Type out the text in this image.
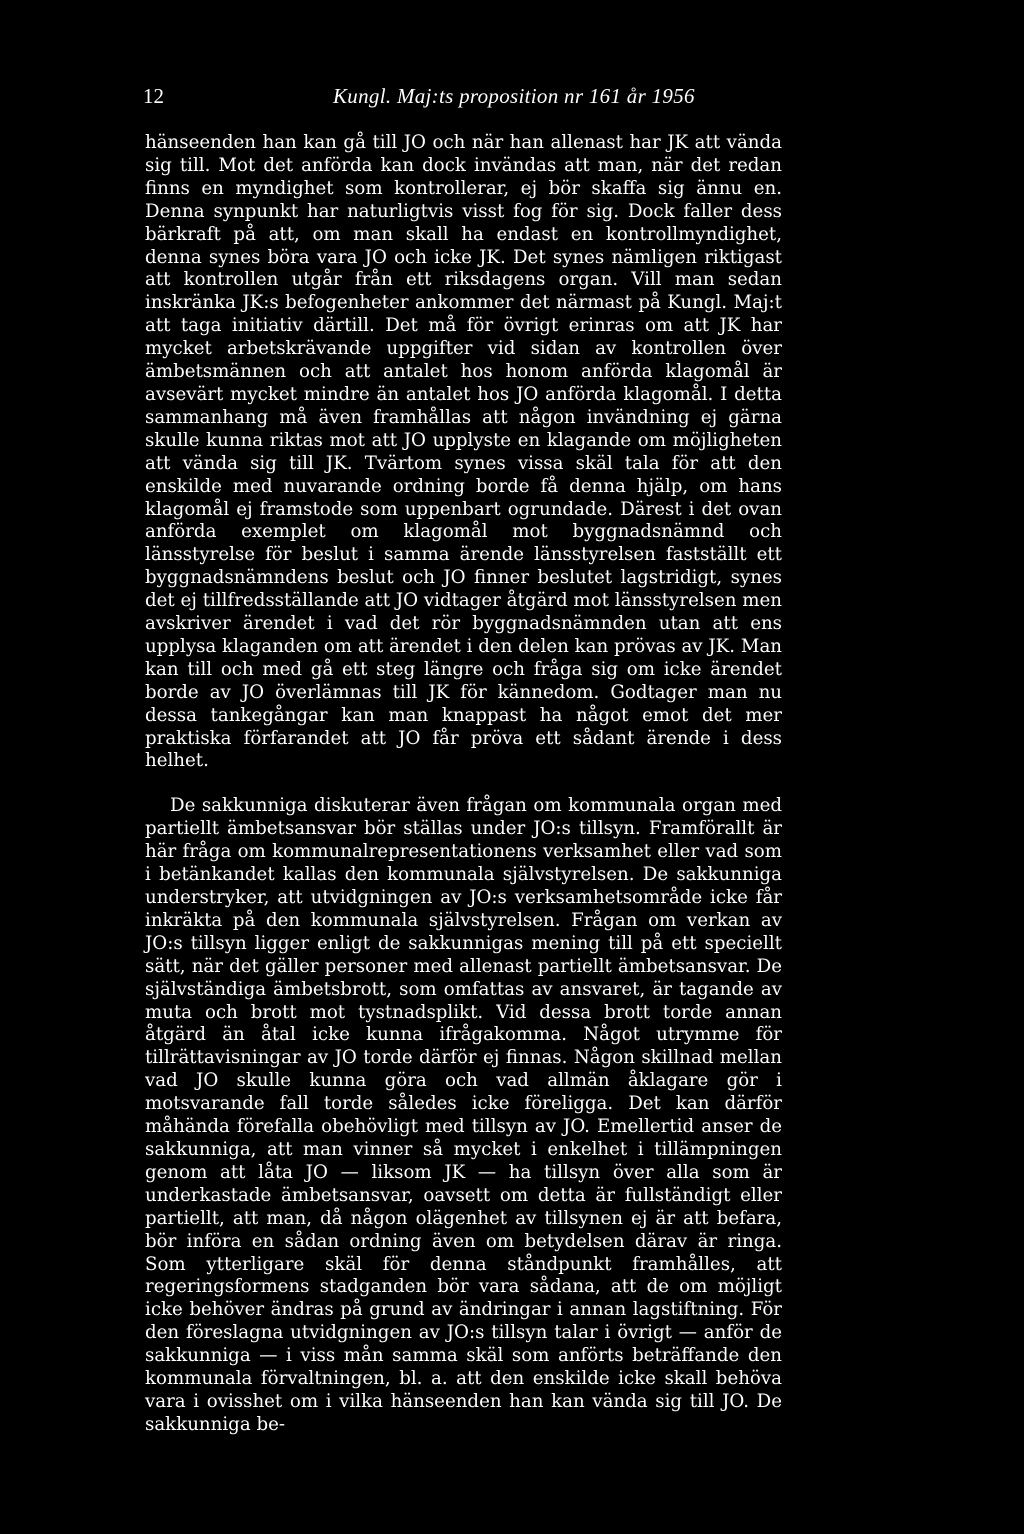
12	Kungl. Maj:ts proposition nr 161 år 1956

hänseenden han kan gå till JO och när han allenast har JK att vända sig till. Mot det anförda kan dock invändas att man, när det redan finns en myndighet som kontrollerar, ej bör skaffa sig ännu en. Denna synpunkt har naturligtvis visst fog för sig. Dock faller dess bärkraft på att, om man skall ha endast en kontrollmyndighet, denna synes böra vara JO och icke JK. Det synes nämligen riktigast att kontrollen utgår från ett riksdagens organ. Vill man sedan inskränka JK:s befogenheter ankommer det närmast på Kungl. Maj:t att taga initiativ därtill. Det må för övrigt erinras om att JK har mycket arbetskrävande uppgifter vid sidan av kontrollen över ämbetsmännen och att antalet hos honom anförda klagomål är avsevärt mycket mindre än antalet hos JO anförda klagomål. I detta sammanhang må även framhållas att någon invändning ej gärna skulle kunna riktas mot att JO upplyste en klagande om möjligheten att vända sig till JK. Tvärtom synes vissa skäl tala för att den enskilde med nuvarande ordning borde få denna hjälp, om hans klagomål ej framstode som uppenbart ogrundade. Därest i det ovan anförda exemplet om klagomål mot byggnadsnämnd och länsstyrelse för beslut i samma ärende länsstyrelsen fastställt ett byggnadsnämndens beslut och JO finner beslutet lagstridigt, synes det ej tillfredsställande att JO vidtager åtgärd mot länsstyrelsen men avskriver ärendet i vad det rör byggnadsnämnden utan att ens upplysa klaganden om att ärendet i den delen kan prövas av JK. Man kan till och med gå ett steg längre och fråga sig om icke ärendet borde av JO överlämnas till JK för kännedom. Godtager man nu dessa tankegångar kan man knappast ha något emot det mer praktiska förfarandet att JO får pröva ett sådant ärende i dess helhet.

De sakkunniga diskuterar även frågan om kommunala organ med partiellt ämbetsansvar bör ställas under JO:s tillsyn. Framförallt är här fråga om kommunalrepresentationens verksamhet eller vad som i betänkandet kallas den kommunala självstyrelsen. De sakkunniga understryker, att utvidgningen av JO:s verksamhetsområde icke får inkräkta på den kommunala självstyrelsen. Frågan om verkan av JO:s tillsyn ligger enligt de sakkunnigas mening till på ett speciellt sätt, när det gäller personer med allenast partiellt ämbetsansvar. De självständiga ämbetsbrott, som omfattas av ansvaret, är tagande av muta och brott mot tystnadsplikt. Vid dessa brott torde annan åtgärd än åtal icke kunna ifrågakomma. Något utrymme för tillrättavisningar av JO torde därför ej finnas. Någon skillnad mellan vad JO skulle kunna göra och vad allmän åklagare gör i motsvarande fall torde således icke föreligga. Det kan därför måhända förefalla obehövligt med tillsyn av JO. Emellertid anser de sakkunniga, att man vinner så mycket i enkelhet i tillämpningen genom att låta JO — liksom JK — ha tillsyn över alla som är underkastade ämbetsansvar, oavsett om detta är fullständigt eller partiellt, att man, då någon olägenhet av tillsynen ej är att befara, bör införa en sådan ordning även om betydelsen därav är ringa. Som ytterligare skäl för denna ståndpunkt framhålles, att regeringsformens stadganden bör vara sådana, att de om möjligt icke behöver ändras på grund av ändringar i annan lagstiftning. För den föreslagna utvidgningen av JO:s tillsyn talar i övrigt — anför de sakkunniga — i viss mån samma skäl som anförts beträffande den kommunala förvaltningen, bl. a. att den enskilde icke skall behöva vara i ovisshet om i vilka hänseenden han kan vända sig till JO. De sakkunniga be-
